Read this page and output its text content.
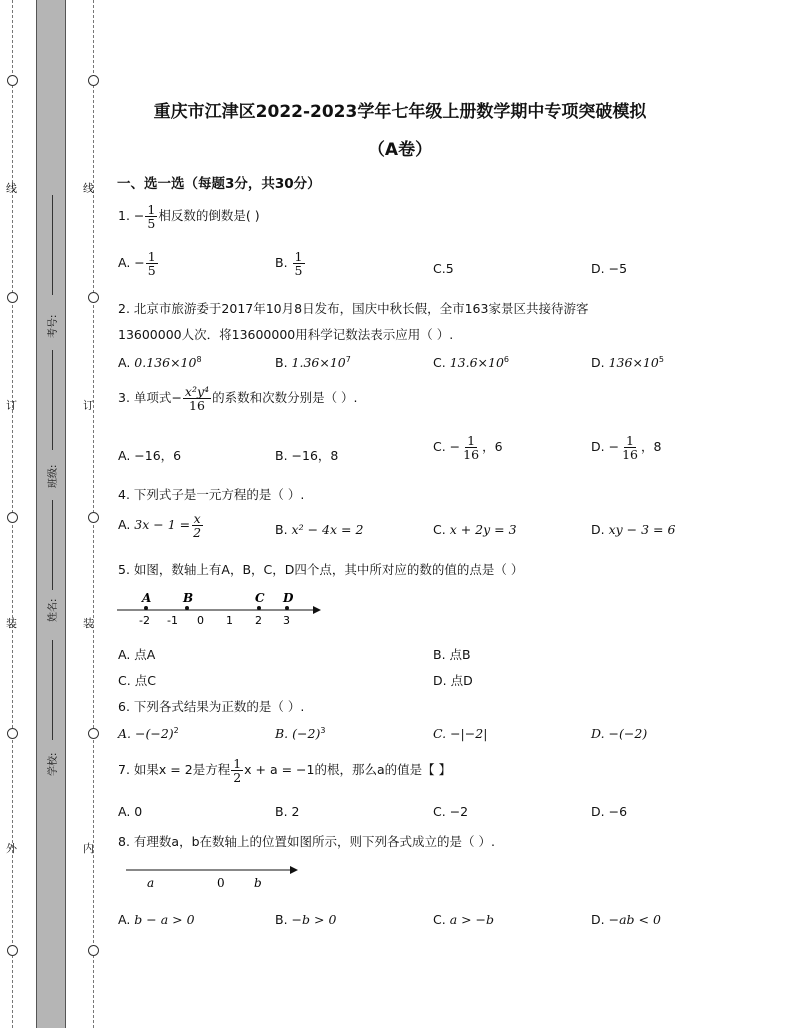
线
订
装
外
线
订
装
内
考号:
班级:
姓名:
学校:
重庆市江津区2022-2023学年七年级上册数学期中专项突破模拟
（A卷）
一、选一选（每题3分，共30分）
1. − $\frac{1}{5}$ 相反数的倒数是( )
A. − $\frac{1}{5}$	B. $\frac{1}{5}$	C.5	D. −5
2. 北京市旅游委于2017年10月8日发布，国庆中秋长假，全市163家景区共接待游客
13600000人次．将13600000用科学记数法表示应用（ ）.
A. $0.136\times 10^8$	B. $1.36\times 10^7$	C. $13.6\times 10^6$	D. $136\times 10^5$
3. 单项式− $\frac{\text{x²y⁴}}{16}$ 的系数和次数分别是（ ）.
A. −16，6	B. −16，8
C. − $\frac{1}{16}$ ，6	D. − $\frac{1}{16}$ ，8
4. 下列式子是一元方程的是（ ）.
A. $3x - 1 = \frac{x}{2}$	B. x² − 4x = 2	C. x + 2y = 3	D. xy − 3 = 6
5. 如图，数轴上有A，B，C，D四个点，其中所对应的数的值的点是（ ）
A	B	C D
-2 -1 0 1 2 3
A. 点A	B. 点B
C. 点C	D. 点D
6. 下列各式结果为正数的是（ ）.
A. $-(-2)^2$	B. $(-2)^3$	C. −|−2|	D. −(−2)
7. 如果x = 2是方程 $\frac{1}{2}$ x + a = −1的根，那么a的值是【 】
A. 0	B. 2	C. −2	D. −6
8. 有理数a，b在数轴上的位置如图所示，则下列各式成立的是（ ）.
a	0 b
A. b − a > 0	B. −b > 0	C. a > −b	D. −ab < 0
